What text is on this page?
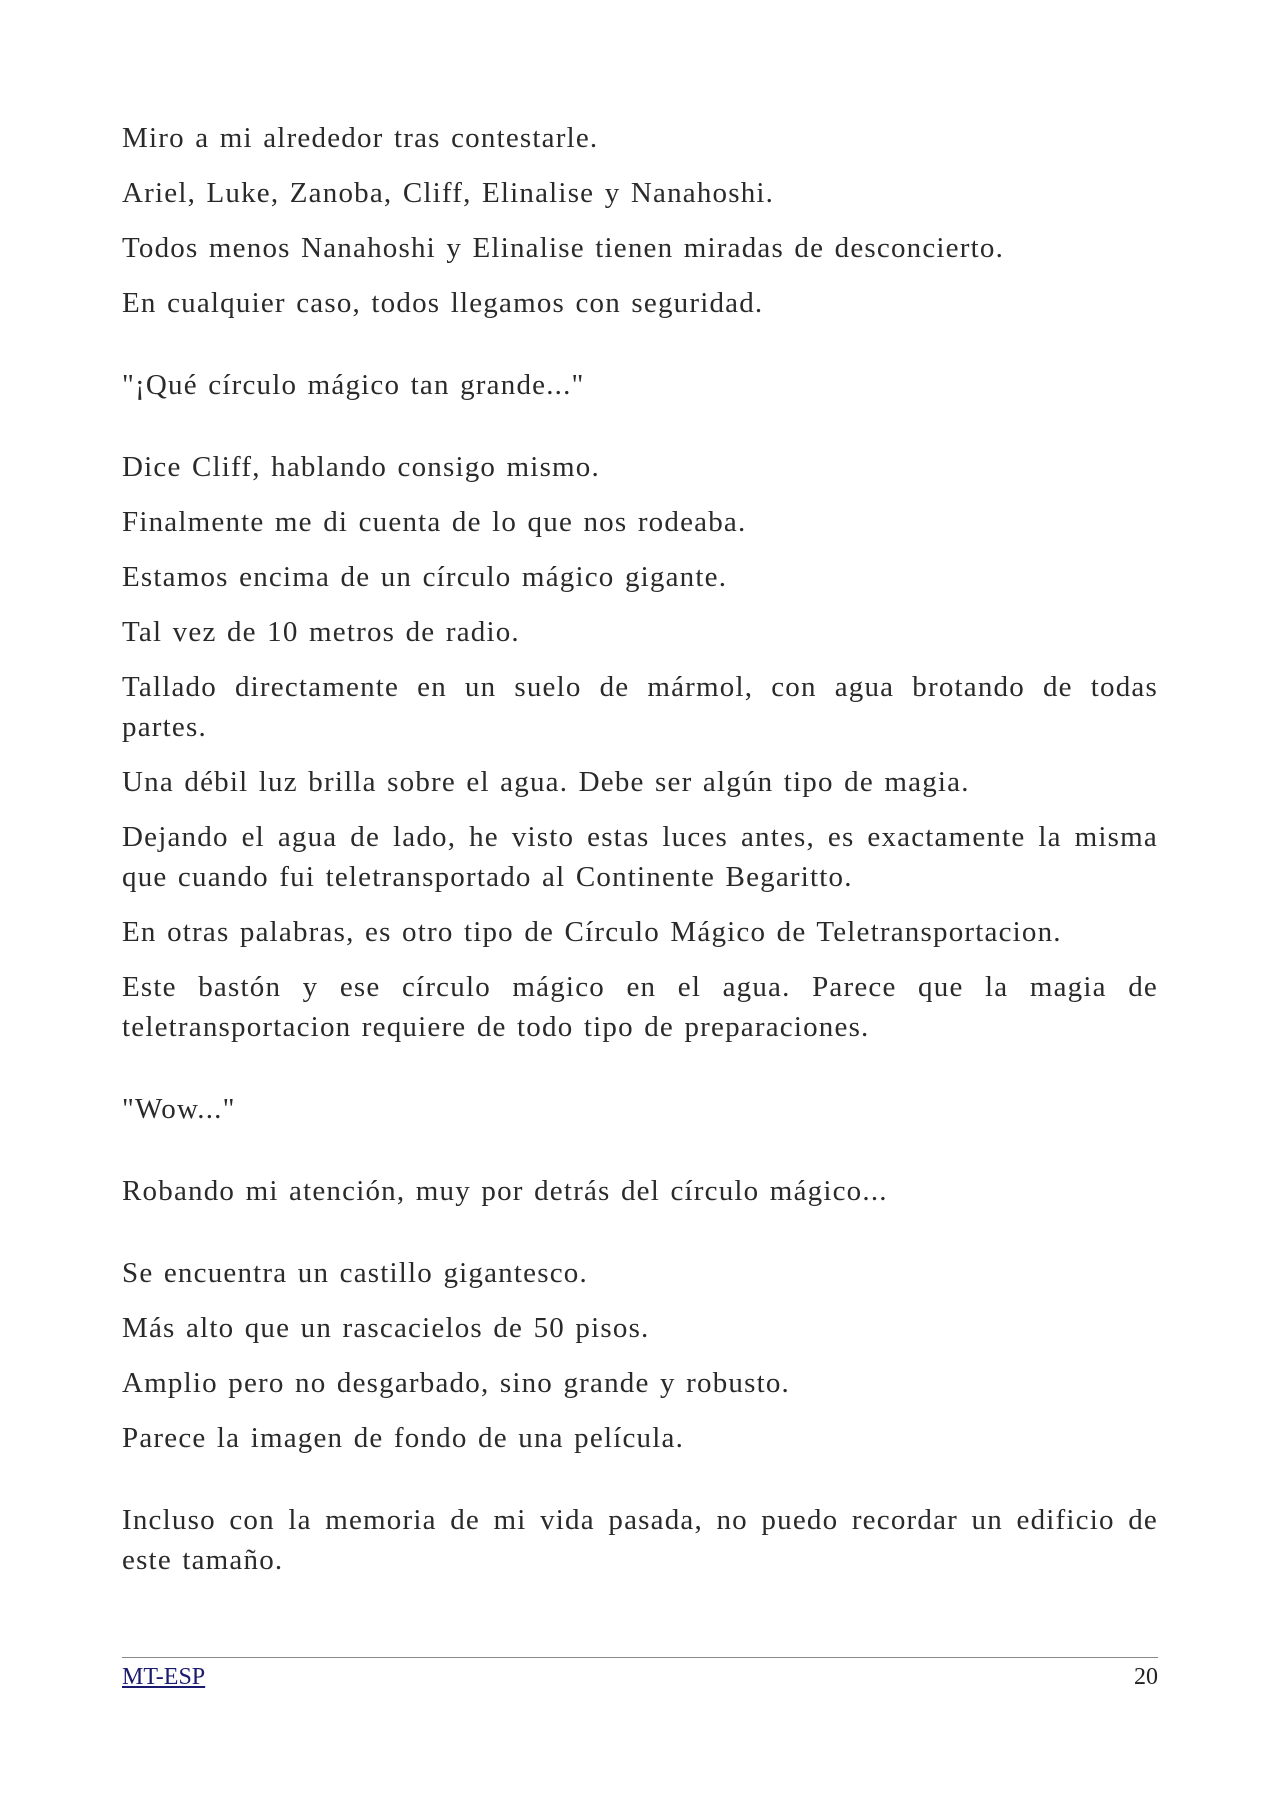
Miro a mi alrededor tras contestarle.

Ariel, Luke, Zanoba, Cliff, Elinalise y Nanahoshi.

Todos menos Nanahoshi y Elinalise tienen miradas de desconcierto.

En cualquier caso, todos llegamos con seguridad.

"¡Qué círculo mágico tan grande..."

Dice Cliff, hablando consigo mismo.

Finalmente me di cuenta de lo que nos rodeaba.

Estamos encima de un círculo mágico gigante.

Tal vez de 10 metros de radio.

Tallado directamente en un suelo de mármol, con agua brotando de todas partes.

Una débil luz brilla sobre el agua. Debe ser algún tipo de magia.

Dejando el agua de lado, he visto estas luces antes, es exactamente la misma que cuando fui teletransportado al Continente Begaritto.

En otras palabras, es otro tipo de Círculo Mágico de Teletransportacion.

Este bastón y ese círculo mágico en el agua. Parece que la magia de teletransportacion requiere de todo tipo de preparaciones.

"Wow..."

Robando mi atención, muy por detrás del círculo mágico...

Se encuentra un castillo gigantesco.

Más alto que un rascacielos de 50 pisos.

Amplio pero no desgarbado, sino grande y robusto.

Parece la imagen de fondo de una película.

Incluso con la memoria de mi vida pasada, no puedo recordar un edificio de este tamaño.

MT-ESP	20
